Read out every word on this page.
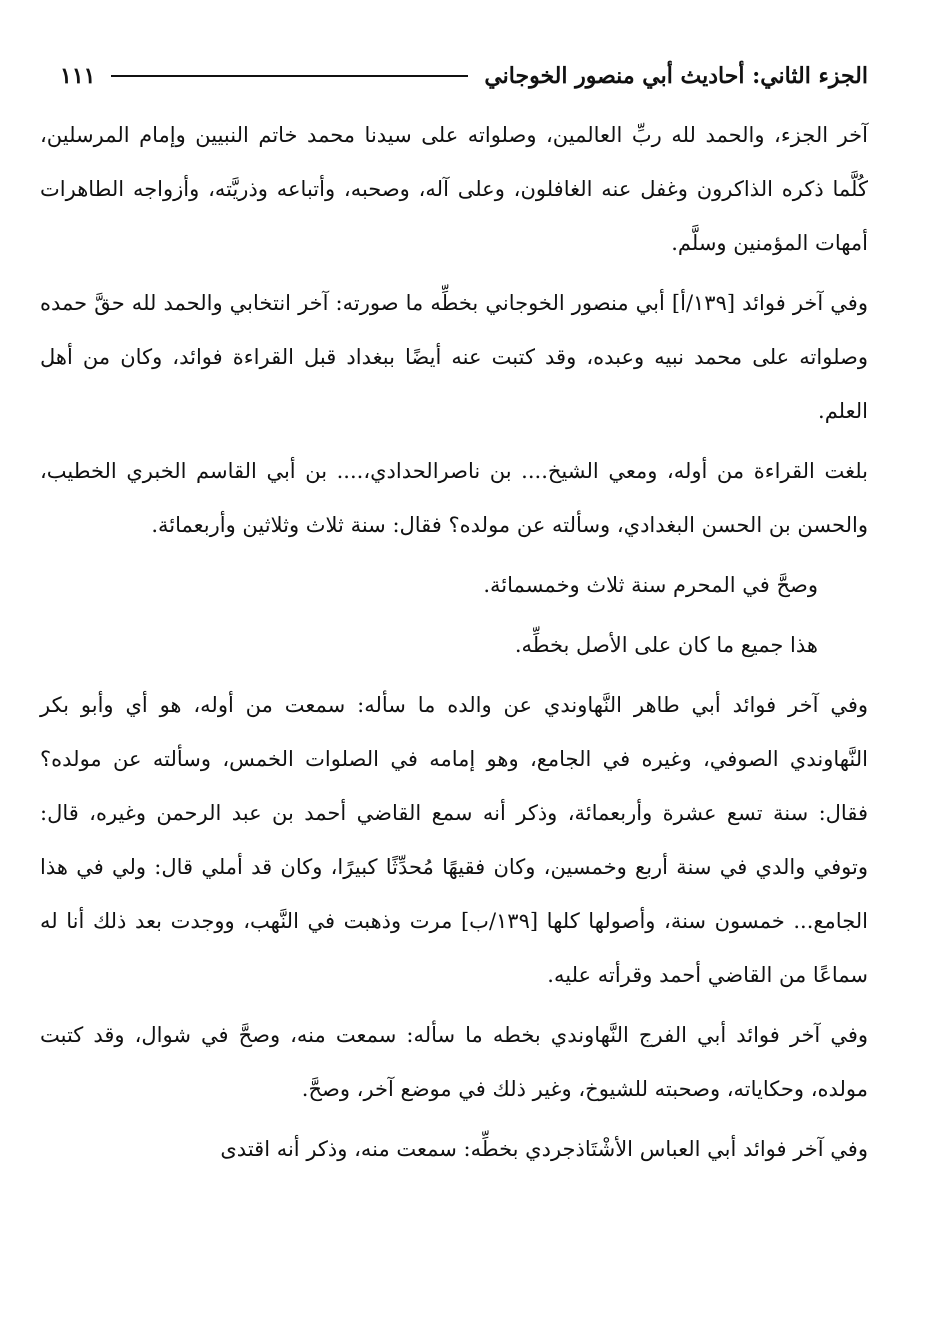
الجزء الثاني: أحاديث أبي منصور الخوجاني
١١١

آخر الجزء، والحمد لله ربِّ العالمين، وصلواته على سيدنا محمد خاتم النبيين وإمام المرسلين، كُلَّما ذكره الذاكرون وغفل عنه الغافلون، وعلى آله، وصحبه، وأتباعه وذريَّته، وأزواجه الطاهرات أمهات المؤمنين وسلَّم.

وفي آخر فوائد [١٣٩/أ] أبي منصور الخوجاني بخطِّه ما صورته: آخر انتخابي والحمد لله حقَّ حمده وصلواته على محمد نبيه وعبده، وقد كتبت عنه أيضًا ببغداد قبل القراءة فوائد، وكان من أهل العلم.

بلغت القراءة من أوله، ومعي الشيخ.... بن ناصرالحدادي،.... بن أبي القاسم الخبري الخطيب، والحسن بن الحسن البغدادي، وسألته عن مولده؟ فقال: سنة ثلاث وثلاثين وأربعمائة.

وصحَّ في المحرم سنة ثلاث وخمسمائة.

هذا جميع ما كان على الأصل بخطِّه.

وفي آخر فوائد أبي طاهر النَّهاوندي عن والده ما سأله: سمعت من أوله، هو أي وأبو بكر النَّهاوندي الصوفي، وغيره في الجامع، وهو إمامه في الصلوات الخمس، وسألته عن مولده؟ فقال: سنة تسع عشرة وأربعمائة، وذكر أنه سمع القاضي أحمد بن عبد الرحمن وغيره، قال: وتوفي والدي في سنة أربع وخمسين، وكان فقيهًا مُحدِّثًا كبيرًا، وكان قد أملي قال: ولي في هذا الجامع... خمسون سنة، وأصولها كلها [١٣٩/ب] مرت وذهبت في النَّهب، ووجدت بعد ذلك أنا له سماعًا من القاضي أحمد وقرأته عليه.

وفي آخر فوائد أبي الفرج النَّهاوندي بخطه ما سأله: سمعت منه، وصحَّ في شوال، وقد كتبت مولده، وحكاياته، وصحبته للشيوخ، وغير ذلك في موضع آخر، وصحَّ.

وفي آخر فوائد أبي العباس الأشْتَاذجردي بخطِّه: سمعت منه، وذكر أنه اقتدى
